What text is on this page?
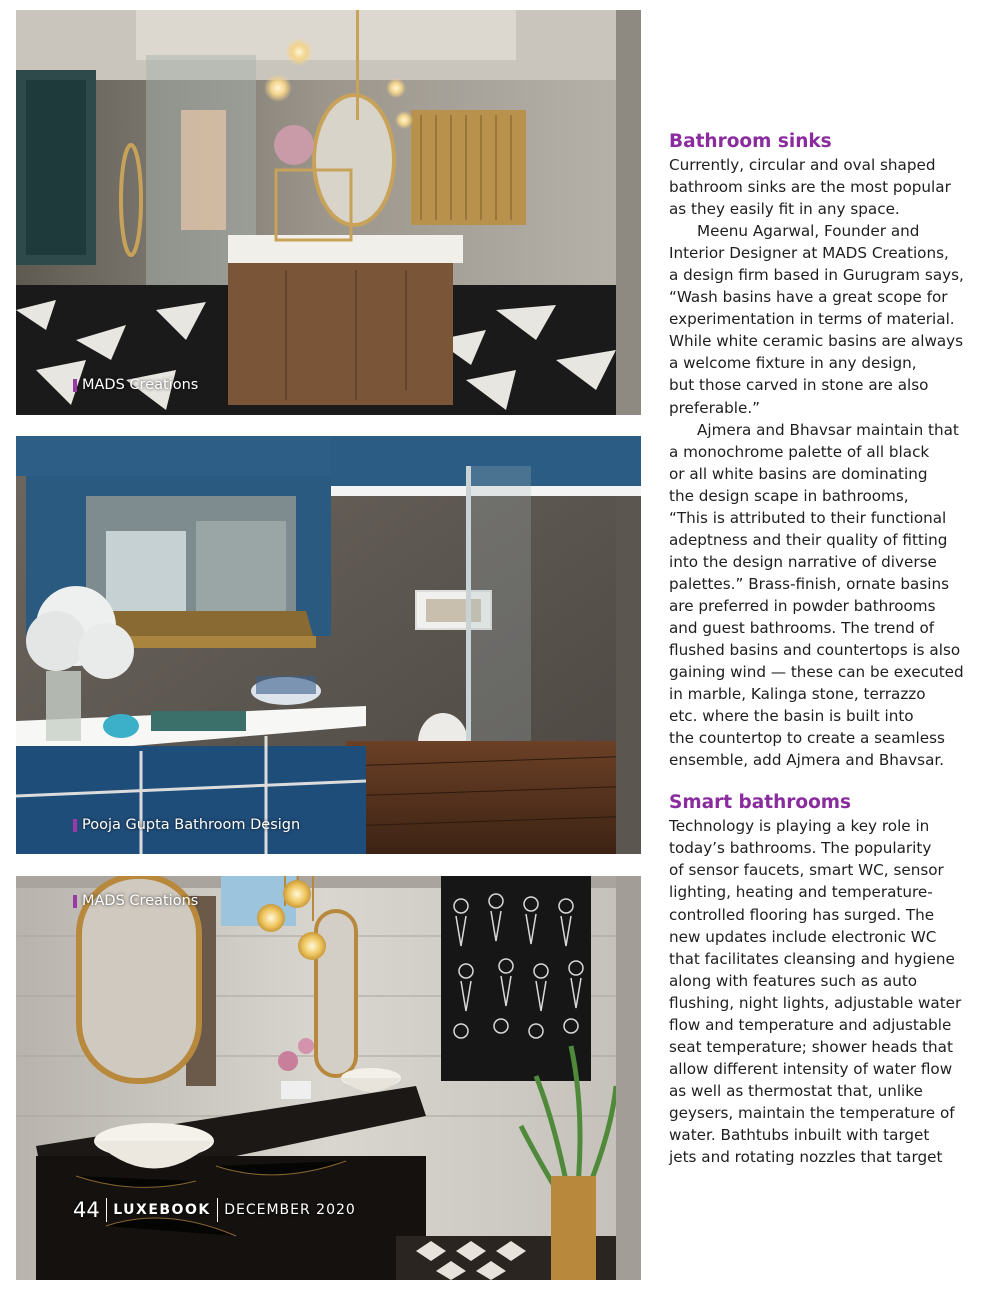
MADS Creations
Pooja Gupta Bathroom Design
MADS Creations
44 LUXEBOOK DECEMBER 2020
Bathroom sinks
Currently, circular and oval shaped
bathroom sinks are the most popular
as they easily fit in any space.
Meenu Agarwal, Founder and
Interior Designer at MADS Creations,
a design firm based in Gurugram says,
“Wash basins have a great scope for
experimentation in terms of material.
While white ceramic basins are always
a welcome fixture in any design,
but those carved in stone are also
preferable.”
Ajmera and Bhavsar maintain that
a monochrome palette of all black
or all white basins are dominating
the design scape in bathrooms,
“This is attributed to their functional
adeptness and their quality of fitting
into the design narrative of diverse
palettes.” Brass-finish, ornate basins
are preferred in powder bathrooms
and guest bathrooms. The trend of
flushed basins and countertops is also
gaining wind — these can be executed
in marble, Kalinga stone, terrazzo
etc. where the basin is built into
the countertop to create a seamless
ensemble, add Ajmera and Bhavsar.
Smart bathrooms
Technology is playing a key role in
today’s bathrooms. The popularity
of sensor faucets, smart WC, sensor
lighting, heating and temperature-
controlled flooring has surged. The
new updates include electronic WC
that facilitates cleansing and hygiene
along with features such as auto
flushing, night lights, adjustable water
flow and temperature and adjustable
seat temperature; shower heads that
allow different intensity of water flow
as well as thermostat that, unlike
geysers, maintain the temperature of
water. Bathtubs inbuilt with target
jets and rotating nozzles that target
